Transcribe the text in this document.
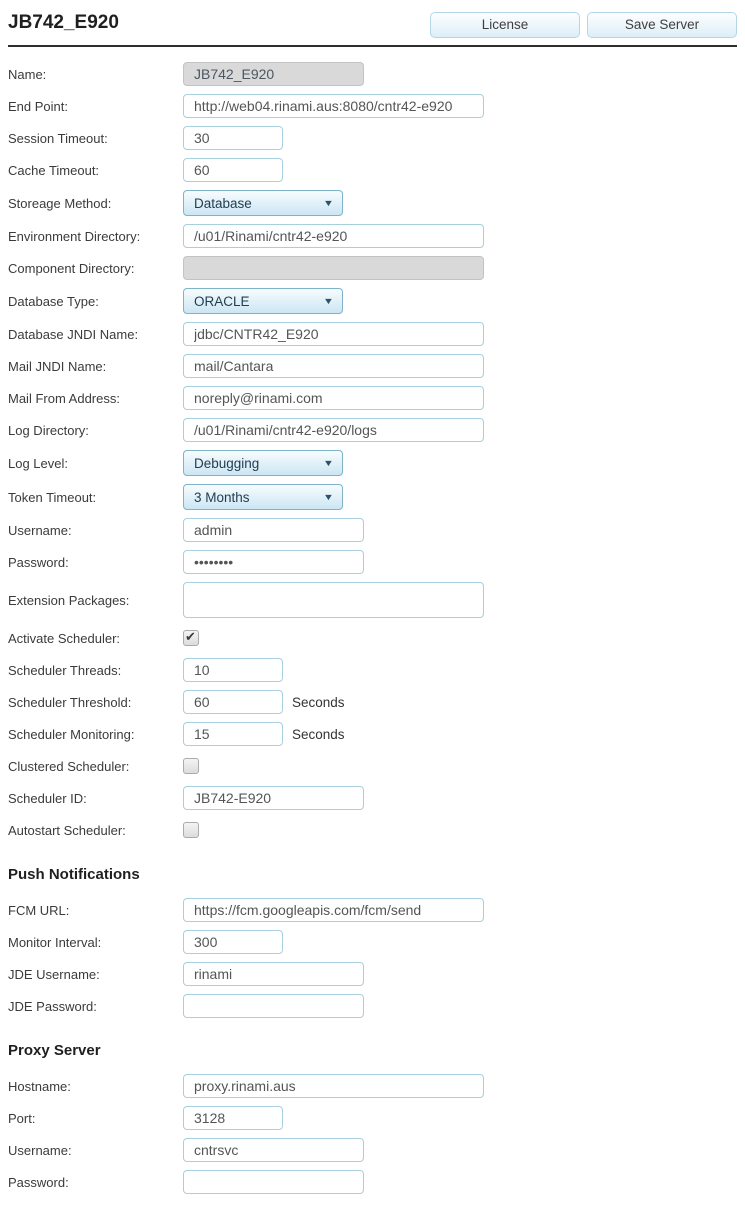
JB742_E920	License	Save Server
Name:
JB742_E920
End Point:
http://web04.rinami.aus:8080/cntr42-e920
Session Timeout:
30
Cache Timeout:
60
Storeage Method:	Database	▼
Environment Directory:
/u01/Rinami/cntr42-e920
Component Directory:
Database Type:	ORACLE	▼
Database JNDI Name:
jdbc/CNTR42_E920
Mail JNDI Name:
mail/Cantara
Mail From Address:
noreply@rinami.com
Log Directory:
/u01/Rinami/cntr42-e920/logs
Log Level:	Debugging	▼
Token Timeout:	3 Months	▼
Username:
admin
Password:
Extension Packages:
Activate Scheduler:
Scheduler Threads:
10
Scheduler Threshold:
60	Seconds
Scheduler Monitoring:
15	Seconds
Clustered Scheduler:
Scheduler ID:
JB742-E920
Autostart Scheduler:
Push Notifications
FCM URL:
https://fcm.googleapis.com/fcm/send
Monitor Interval:
300
JDE Username:
rinami
JDE Password:
Proxy Server
Hostname:
proxy.rinami.aus
Port:
3128
Username:
cntrsvc
Password:
